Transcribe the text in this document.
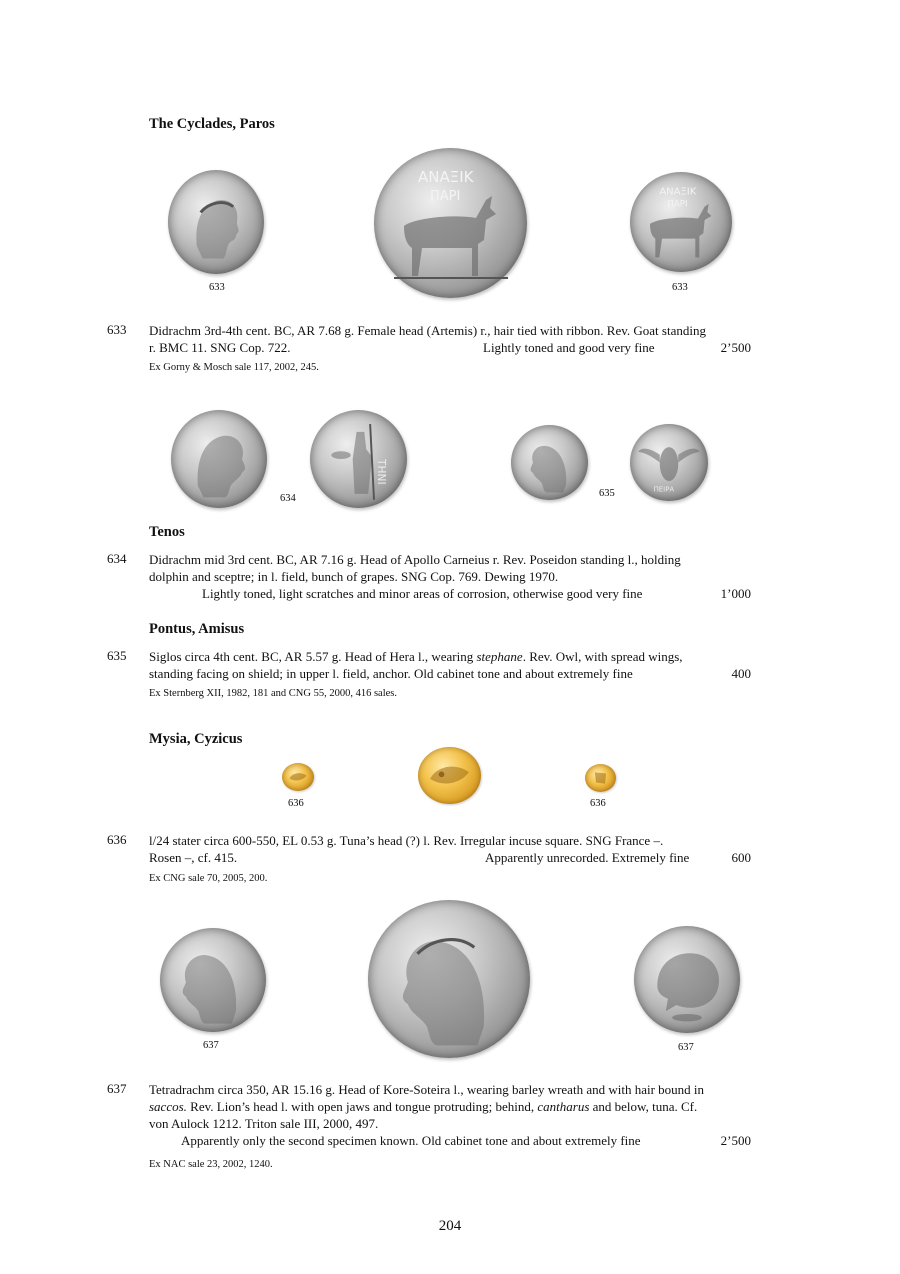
The Cyclades, Paros
ΑΝΑΞΙΚ
ΠΑΡΙ	ΑΝΑΞΙΚ
ΠΑΡΙ
633	633
633 Didrachm 3rd-4th cent. BC, AR 7.68 g. Female head (Artemis) r., hair tied with ribbon. Rev. Goat standing
r. BMC 11. SNG Cop. 722.	Lightly toned and good very fine	2’500
Ex Gorny & Mosch sale 117, 2002, 245.
ΤΗΝΙ
ΠΕΙΡΑ
634	635
Tenos
634 Didrachm mid 3rd cent. BC, AR 7.16 g. Head of Apollo Carneius r. Rev. Poseidon standing l., holding
dolphin and sceptre; in l. field, bunch of grapes. SNG Cop. 769. Dewing 1970.
Lightly toned, light scratches and minor areas of corrosion, otherwise good very fine	1’000
Pontus, Amisus
635 Siglos circa 4th cent. BC, AR 5.57 g. Head of Hera l., wearing stephane. Rev. Owl, with spread wings,
standing facing on shield; in upper l. field, anchor. Old cabinet tone and about extremely fine	400
Ex Sternberg XII, 1982, 181 and CNG 55, 2000, 416 sales.
Mysia, Cyzicus
636	636
636 l/24 stater circa 600-550, EL 0.53 g. Tuna’s head (?) l. Rev. Irregular incuse square. SNG France –.
Rosen –, cf. 415.	Apparently unrecorded. Extremely fine	600
Ex CNG sale 70, 2005, 200.
637	637
637 Tetradrachm circa 350, AR 15.16 g. Head of Kore-Soteira l., wearing barley wreath and with hair bound in
saccos. Rev. Lion’s head l. with open jaws and tongue protruding; behind, cantharus and below, tuna. Cf.
von Aulock 1212. Triton sale III, 2000, 497.
Apparently only the second specimen known. Old cabinet tone and about extremely fine	2’500
Ex NAC sale 23, 2002, 1240.
204
